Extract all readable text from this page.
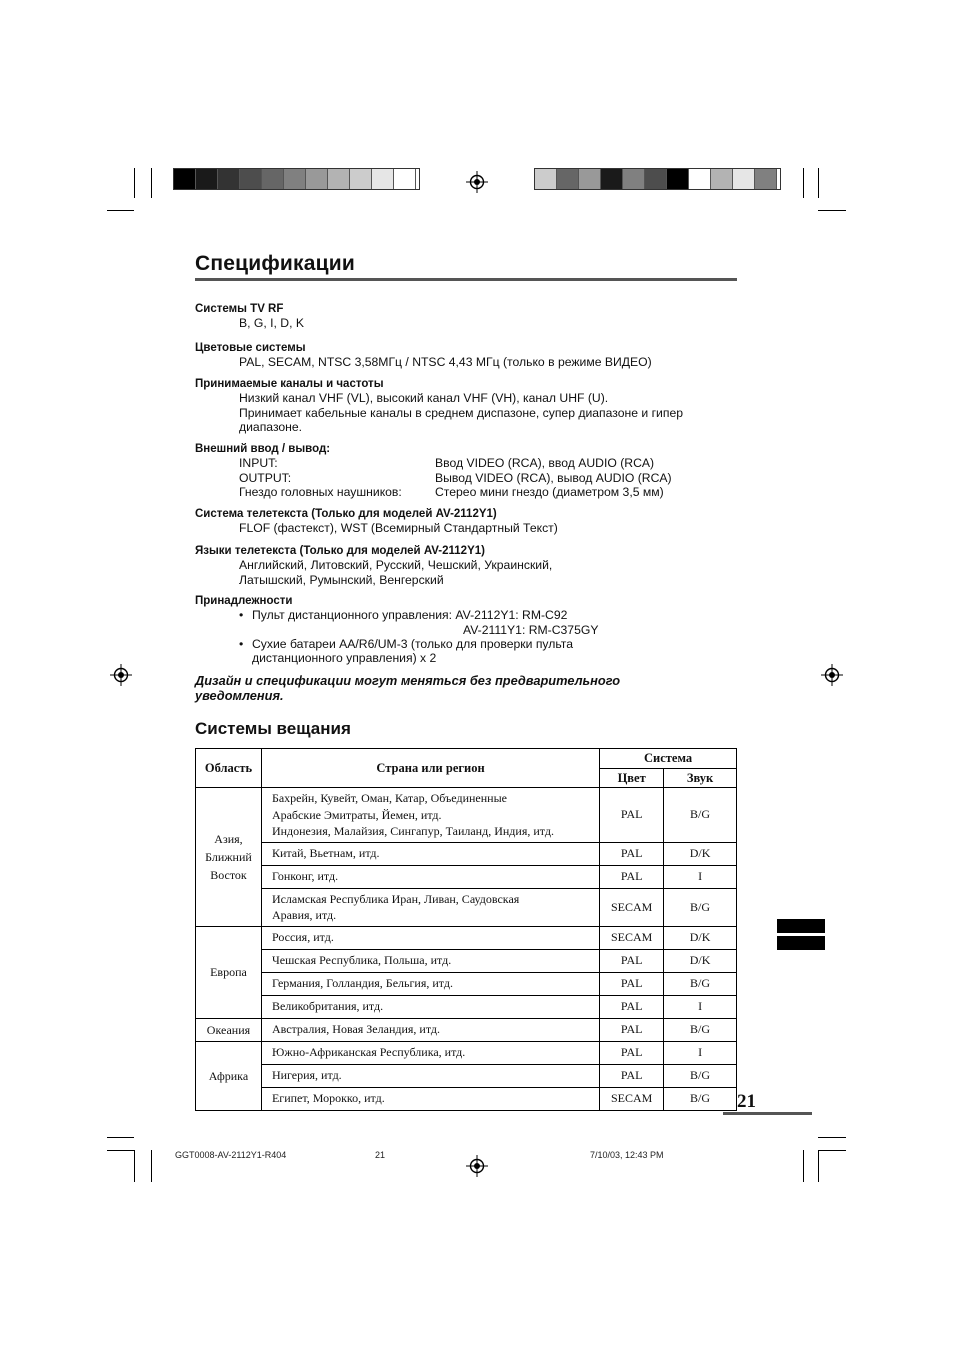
Спецификации
Системы TV RF
B, G, I, D, K
Цветовые системы
PAL, SECAM, NTSC 3,58МГц / NTSC 4,43 МГц (только в режиме ВИДЕО)
Принимаемые каналы и частоты
Низкий канал VHF (VL), высокий канал VHF (VH), канал UHF (U).
Принимает кабельные каналы в среднем диспазоне, супер диапазоне и гипер
диапазоне.
Внешний ввод / вывод:
INPUT:	Ввод VIDEO (RCA), ввод AUDIO (RCA)
OUTPUT:	Вывод VIDEO (RCA), вывод AUDIO (RCA)
Гнездо головных наушников:	Стерео мини гнездо (диаметром 3,5 мм)
Система телетекста (Только для моделей AV-2112Y1)
FLOF (фастекст), WST (Всемирный Стандартный Текст)
Языки телетекста (Только для моделей AV-2112Y1)
Английский, Литовский, Русский, Чешский, Украинский,
Латышский, Румынский, Венгерский
Принадлежности
• Пульт дистанционного управления: AV-2112Y1: RM-C92
AV-2111Y1: RM-C375GY
• Сухие батареи AA/R6/UM-3 (только для проверки пульта
дистанционного управления) x 2
Дизайн и спецификации могут меняться без предварительного
уведомления.
Системы вещания
Область	Страна или регион	Система	
		Цвет	Звук
Азия,
Ближний
Восток	Бахрейн, Кувейт, Оман, Катар, Объединенные
Арабские Эмитраты, Йемен, итд.
Индонезия, Малайзия, Сингапур, Таиланд, Индия, итд.	PAL	B/G
	Китай, Вьетнам, итд.	PAL	D/K
	Гонконг, итд.	PAL	I
	Исламская Республика Иран, Ливан, Саудовская
Аравия, итд.	SECAM	B/G
Европа	Россия, итд.	SECAM	D/K
	Чешская Республика, Польша, итд.	PAL	D/K
	Германия, Голландия, Бельгия, итд.	PAL	B/G
	Великобритания, итд.	PAL	I
Океания	Австралия, Новая Зеландия, итд.	PAL	B/G
Африка	Южно-Африканская Республика, итд.	PAL	I
	Нигерия, итд.	PAL	B/G
	Египет, Морокко, итд.	SECAM	B/G 21
GGT0008-AV-2112Y1-R404	21	7/10/03, 12:43 PM
